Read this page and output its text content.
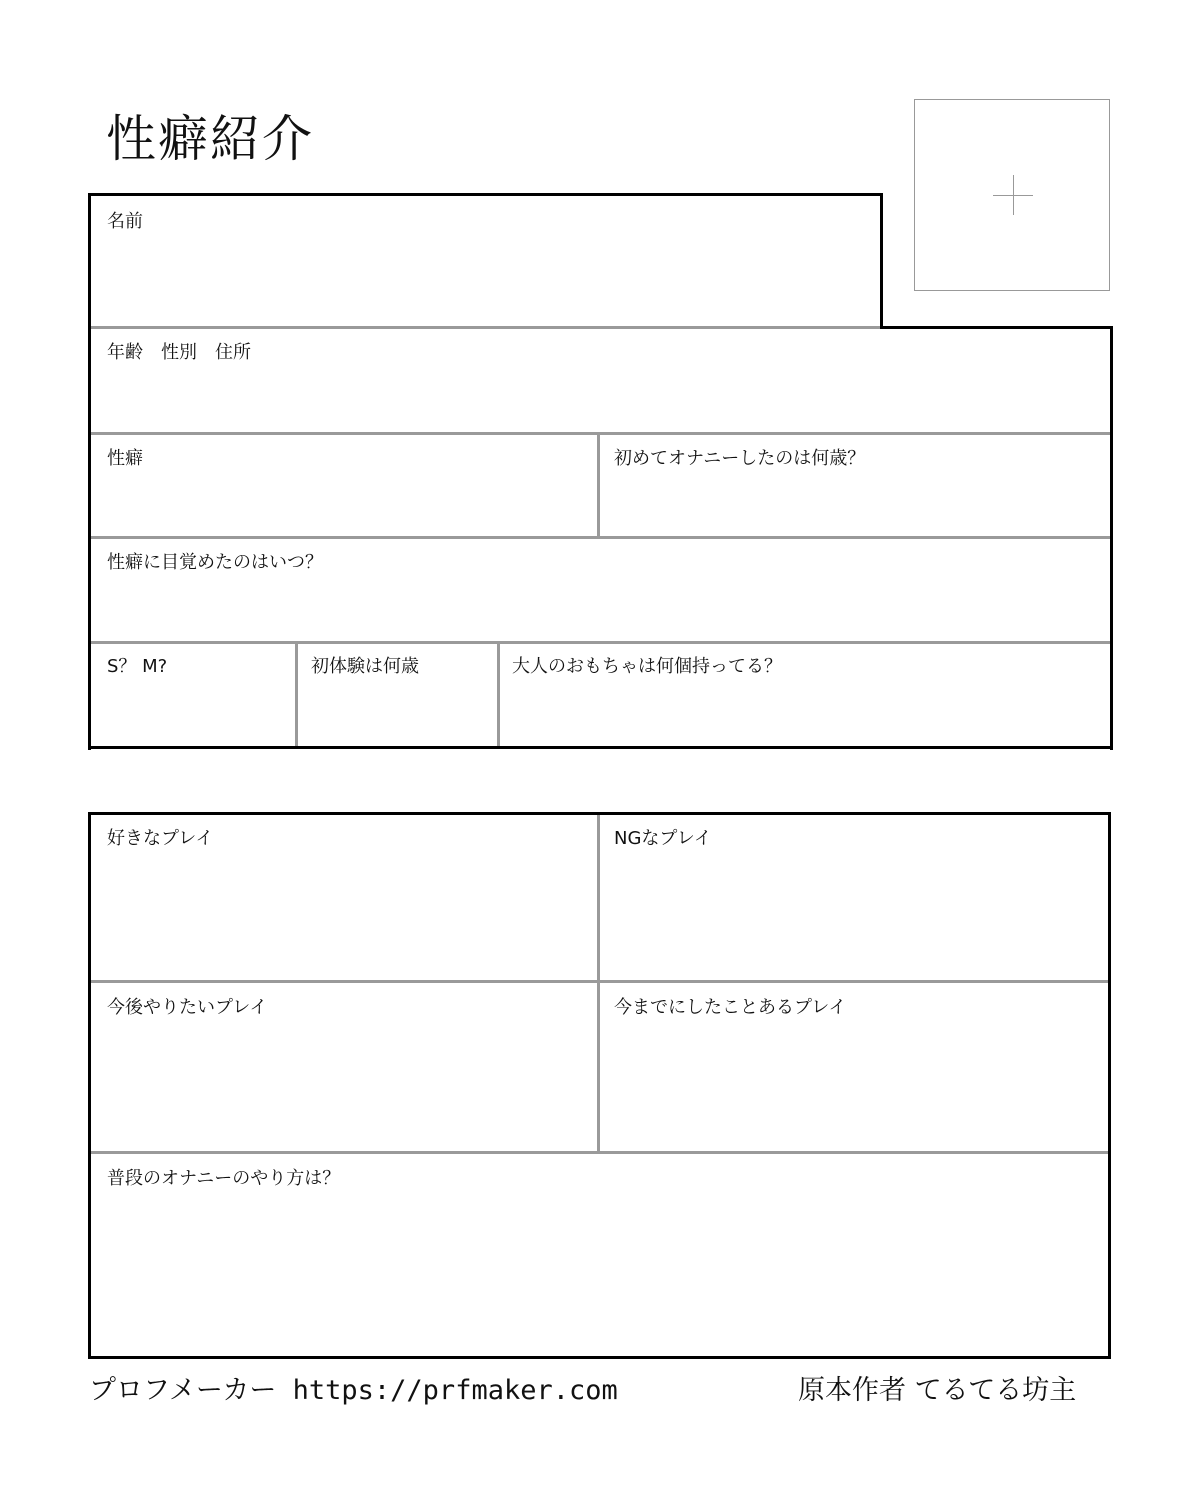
性癖紹介
名前
年齢　性別　住所
性癖	初めてオナニーしたのは何歳？
性癖に目覚めたのはいつ？
S？ M?	初体験は何歳	大人のおもちゃは何個持ってる？
好きなプレイ	NGなプレイ
今後やりたいプレイ	今までにしたことあるプレイ
普段のオナニーのやり方は？
プロフメーカー https://prfmaker.com	原本作者 てるてる坊主
